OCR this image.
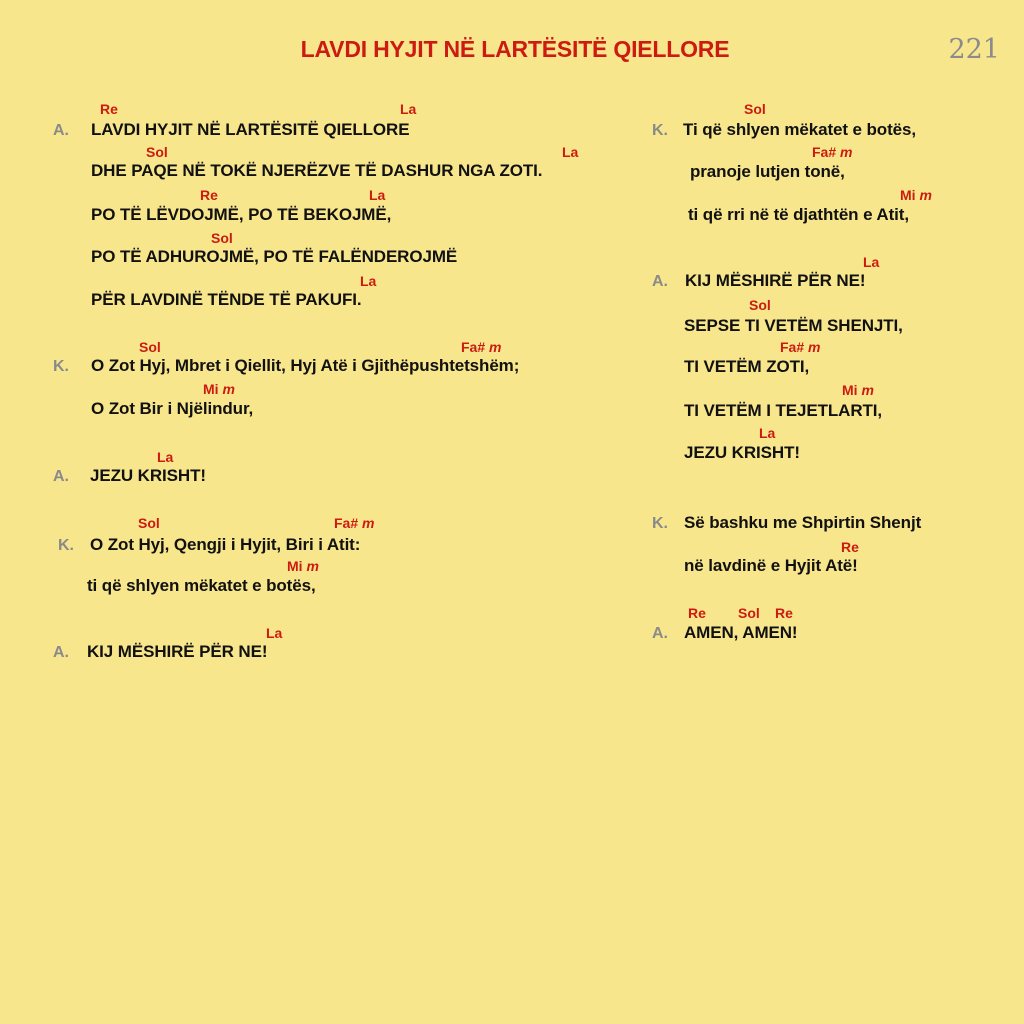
LAVDI HYJIT NË LARTËSITË QIELLORE	221
Re	La
A. LAVDI HYJIT NË LARTËSITË QIELLORE
Sol	La
DHE PAQE NË TOKË NJERËZVE TË DASHUR NGA ZOTI.
Re	La
PO TË LËVDOJMË, PO TË BEKOJMË,
Sol
PO TË ADHUROJMË, PO TË FALËNDEROJMË
La
PËR LAVDINË TËNDE TË PAKUFI.
Sol	Fa# m
K. O Zot Hyj, Mbret i Qiellit, Hyj Atë i Gjithëpushtetshëm;
Mi m
O Zot Bir i Njëlindur,
La
A. JEZU KRISHT!
Sol	Fa# m
K. O Zot Hyj, Qengji i Hyjit, Biri i Atit:
Mi m
ti që shlyen mëkatet e botës,
La
A. KIJ MËSHIRË PËR NE!
Sol
K. Ti që shlyen mëkatet e botës,
Fa# m
pranoje lutjen tonë,
Mi m
ti që rri në të djathtën e Atit,
La
A. KIJ MËSHIRË PËR NE!
Sol
SEPSE TI VETËM SHENJTI,
Fa# m
TI VETËM ZOTI,
Mi m
TI VETËM I TEJETLARTI,
La
JEZU KRISHT!
K. Së bashku me Shpirtin Shenjt
Re
në lavdinë e Hyjit Atë!
Re Sol Re
A. AMEN, AMEN!
